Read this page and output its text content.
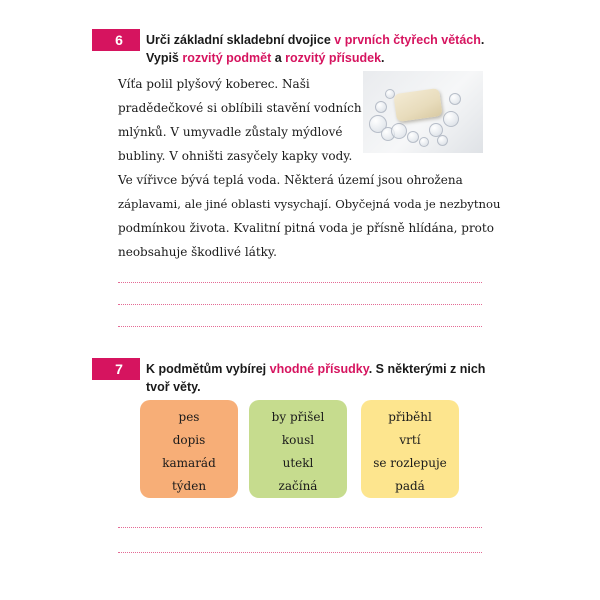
6	Urči základní skladební dvojice v prvních čtyřech větách.
Vypiš rozvitý podmět a rozvitý přísudek.
Víťa polil plyšový koberec. Naši
pradědečkové si oblíbili stavění vodních
mlýnků. V umyvadle zůstaly mýdlové
bubliny. V ohništi zasyčely kapky vody.
Ve vířivce bývá teplá voda. Některá území jsou ohrožena
záplavami, ale jiné oblasti vysychají. Obyčejná voda je nezbytnou
podmínkou života. Kvalitní pitná voda je přísně hlídána, proto
neobsahuje škodlivé látky.
7	K podmětům vybírej vhodné přísudky. S některými z nich
tvoř věty.
pes
dopis
kamarád
týden
by přišel
kousl
utekl
začíná
přiběhl
vrtí
se rozlepuje
padá
